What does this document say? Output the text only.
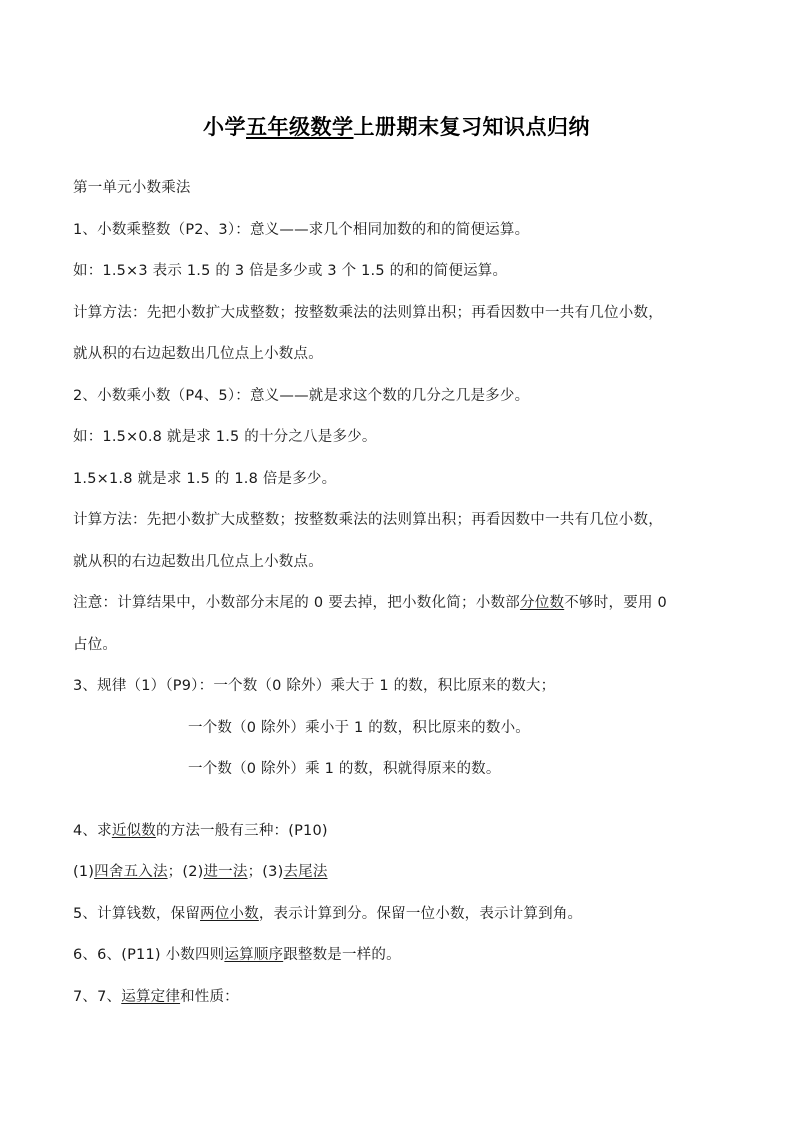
小学五年级数学上册期末复习知识点归纳
第一单元小数乘法
1、小数乘整数（P2、3）：意义——求几个相同加数的和的简便运算。
如：1.5×3 表示 1.5 的 3 倍是多少或 3 个 1.5 的和的简便运算。
计算方法：先把小数扩大成整数；按整数乘法的法则算出积；再看因数中一共有几位小数，
就从积的右边起数出几位点上小数点。
2、小数乘小数（P4、5）：意义——就是求这个数的几分之几是多少。
如：1.5×0.8 就是求 1.5 的十分之八是多少。
1.5×1.8 就是求 1.5 的 1.8 倍是多少。
计算方法：先把小数扩大成整数；按整数乘法的法则算出积；再看因数中一共有几位小数，
就从积的右边起数出几位点上小数点。
注意：计算结果中，小数部分末尾的 0 要去掉，把小数化简；小数部分位数不够时，要用 0
占位。
3、规律（1）（P9）：一个数（0 除外）乘大于 1 的数，积比原来的数大；
一个数（0 除外）乘小于 1 的数，积比原来的数小。
一个数（0 除外）乘 1 的数，积就得原来的数。
4、求近似数的方法一般有三种：(P10)
(1)四舍五入法；(2)进一法；(3)去尾法
5、计算钱数，保留两位小数，表示计算到分。保留一位小数，表示计算到角。
6、6、(P11) 小数四则运算顺序跟整数是一样的。
7、7、运算定律和性质：
